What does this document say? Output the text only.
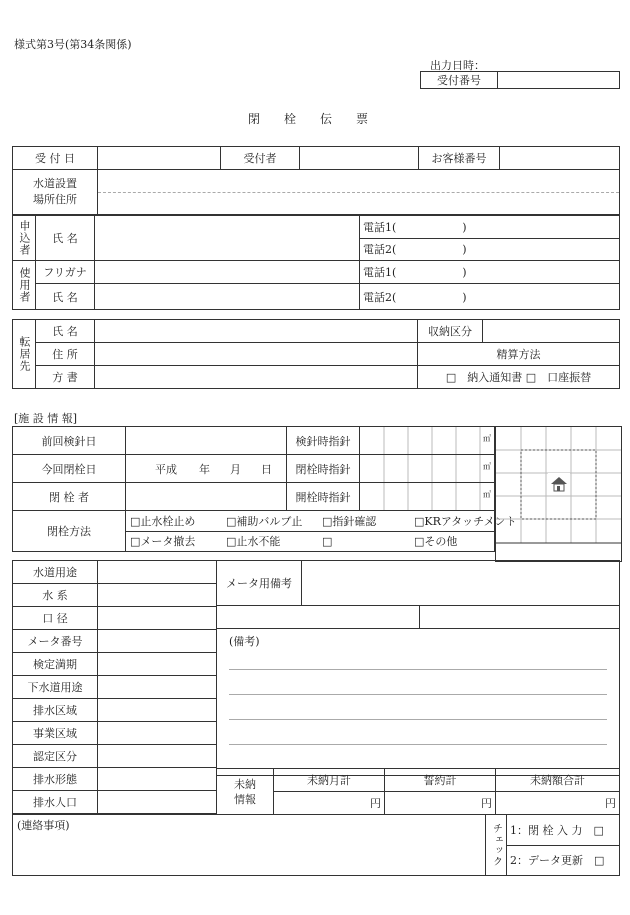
様式第3号(第34条関係)
出力日時：
受付番号	
閉　　栓　　伝　　票
受 付 日		受付者		お客様番号	
水道設置
場所住所

申込者	氏 名		電話1(　　　　　　)
			電話2(　　　　　　)
使用者	フリガナ		電話1(　　　　　　)
	氏 名		電話2(　　　　　　)
転居先	氏 名		収納区分	
	住 所		精算方法	
	方 書		□　納入通知書 □　口座振替	
[施 設 情 報]
前回検針日		検針時指針	㎥
今回閉栓日	平成 年 月 日	閉栓時指針	㎥
閉 栓 者		開栓時指針	㎥
閉栓方法	□止水栓止め □補助バルブ止 □指針確認 □KRアタッチメント		
	□メータ撤去 □止水不能 □ □その他		
水道用途	
水 系	
口 径	
メータ番号	
検定満期	
下水道用途	
排水区域	
事業区域	
認定区分	
排水形態	
排水人口	
メータ用備考	

(備考)
未納
情報	未納月計	誓約計	未納額合計
	円	円	円
(連絡事項)	チェック	1：閉 栓 入 力　□
2：データ更新　□
